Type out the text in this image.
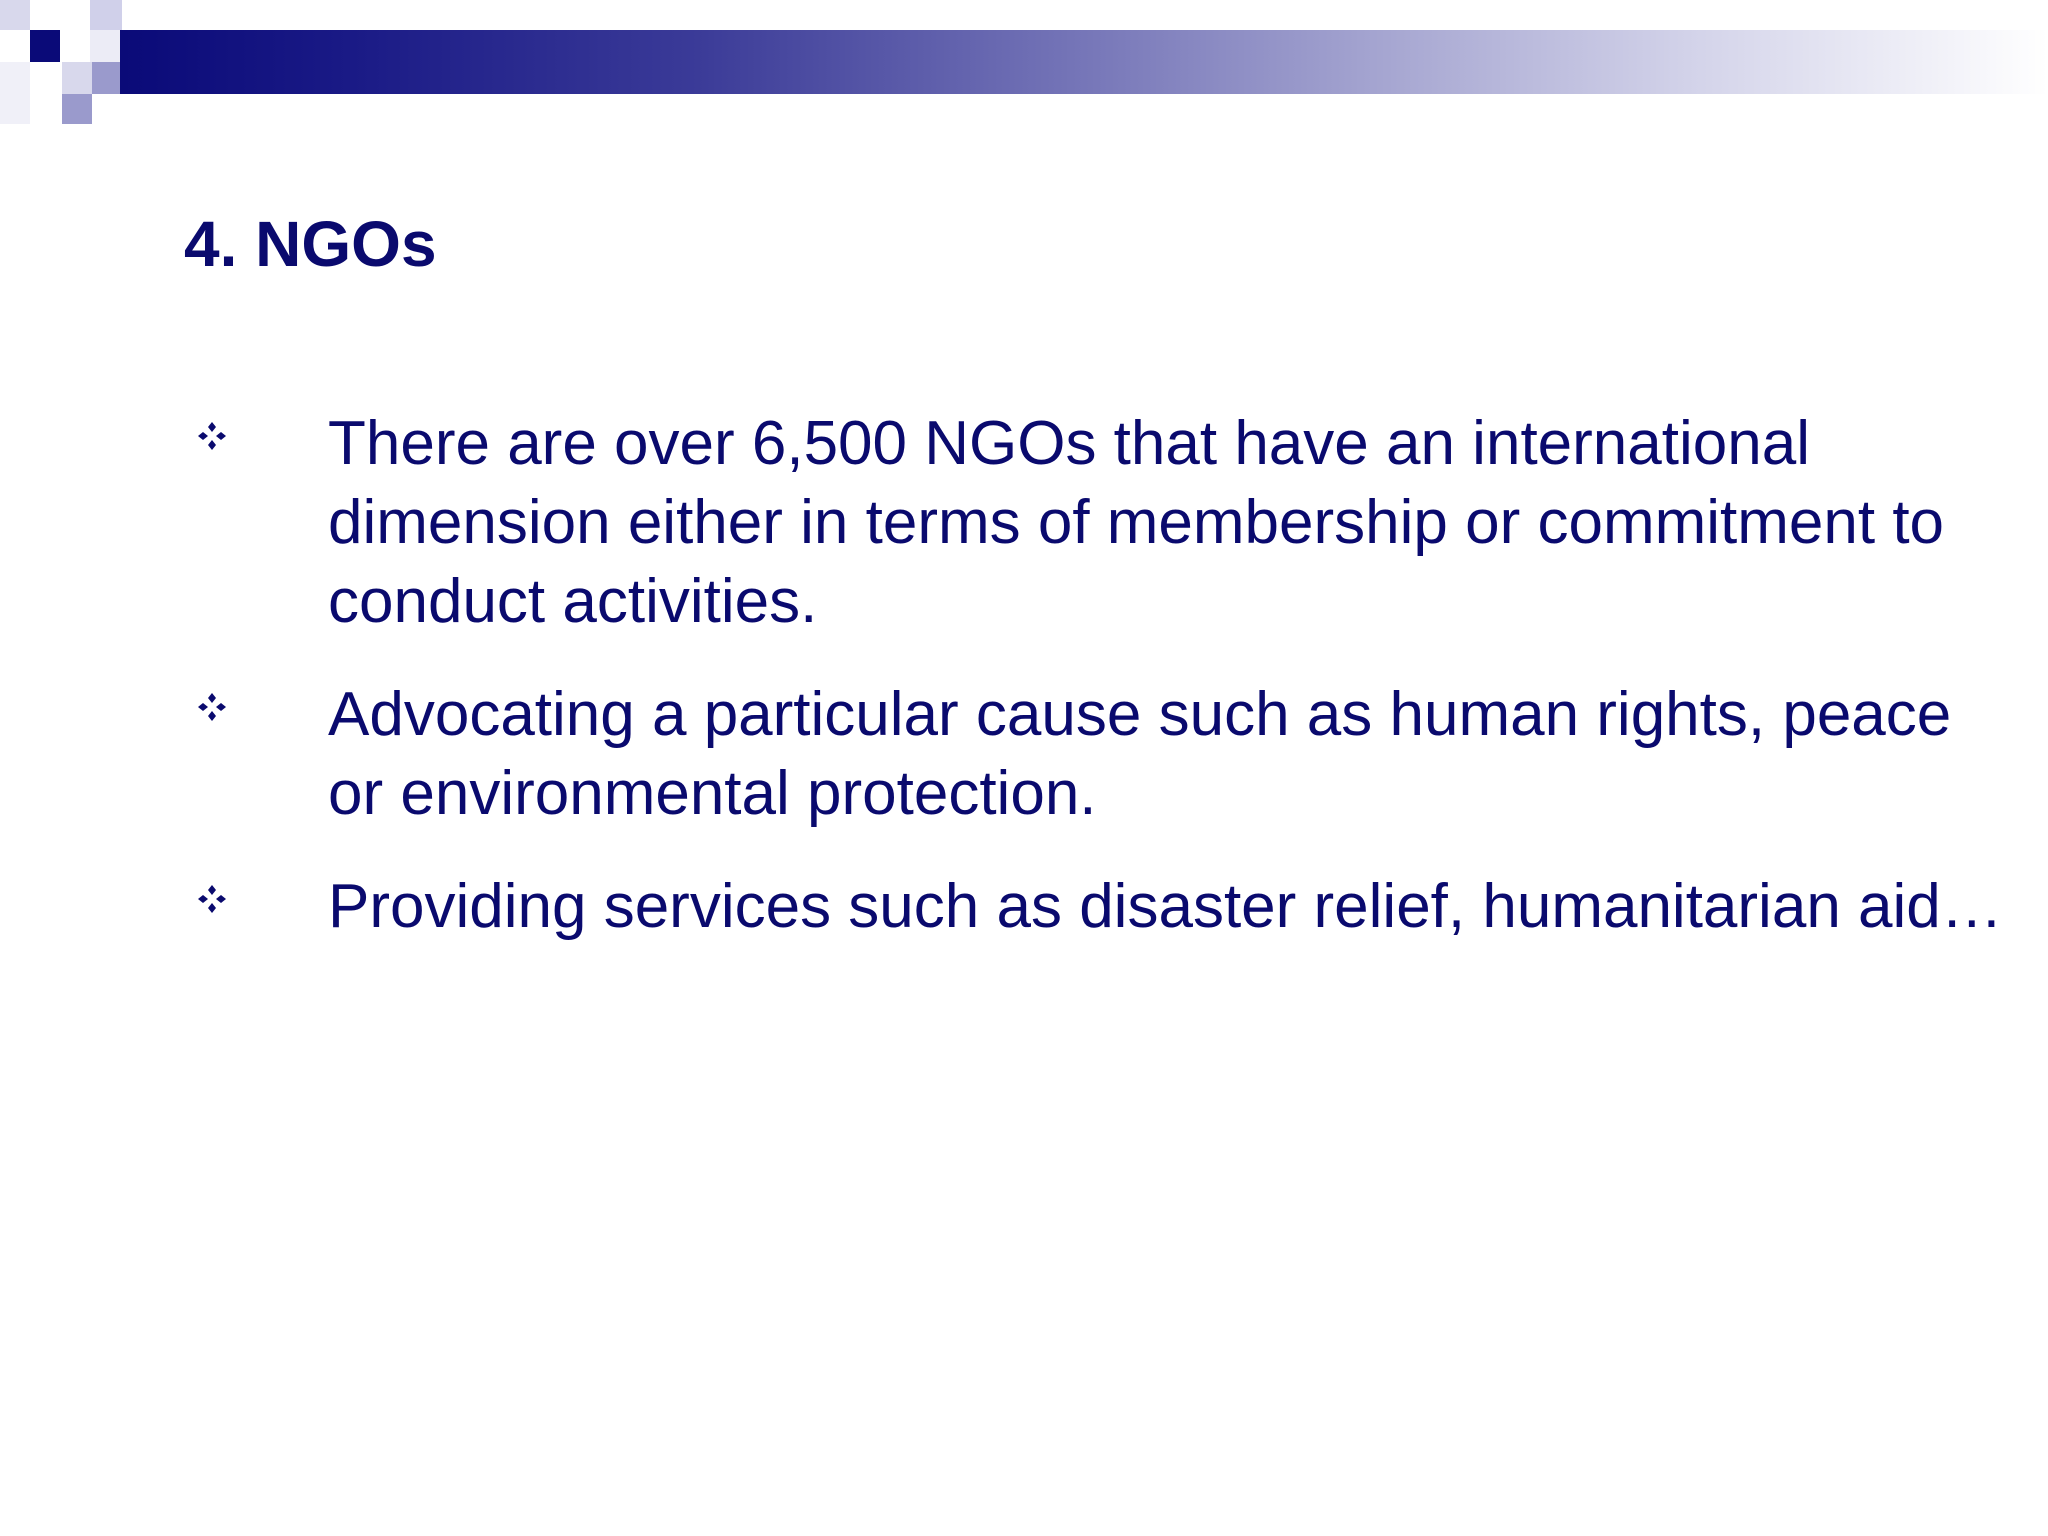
4. NGOs
There are over 6,500 NGOs that have an international dimension either in terms of membership or commitment to conduct activities.
Advocating a particular cause such as human rights, peace or environmental protection.
Providing services such as disaster relief, humanitarian aid…
